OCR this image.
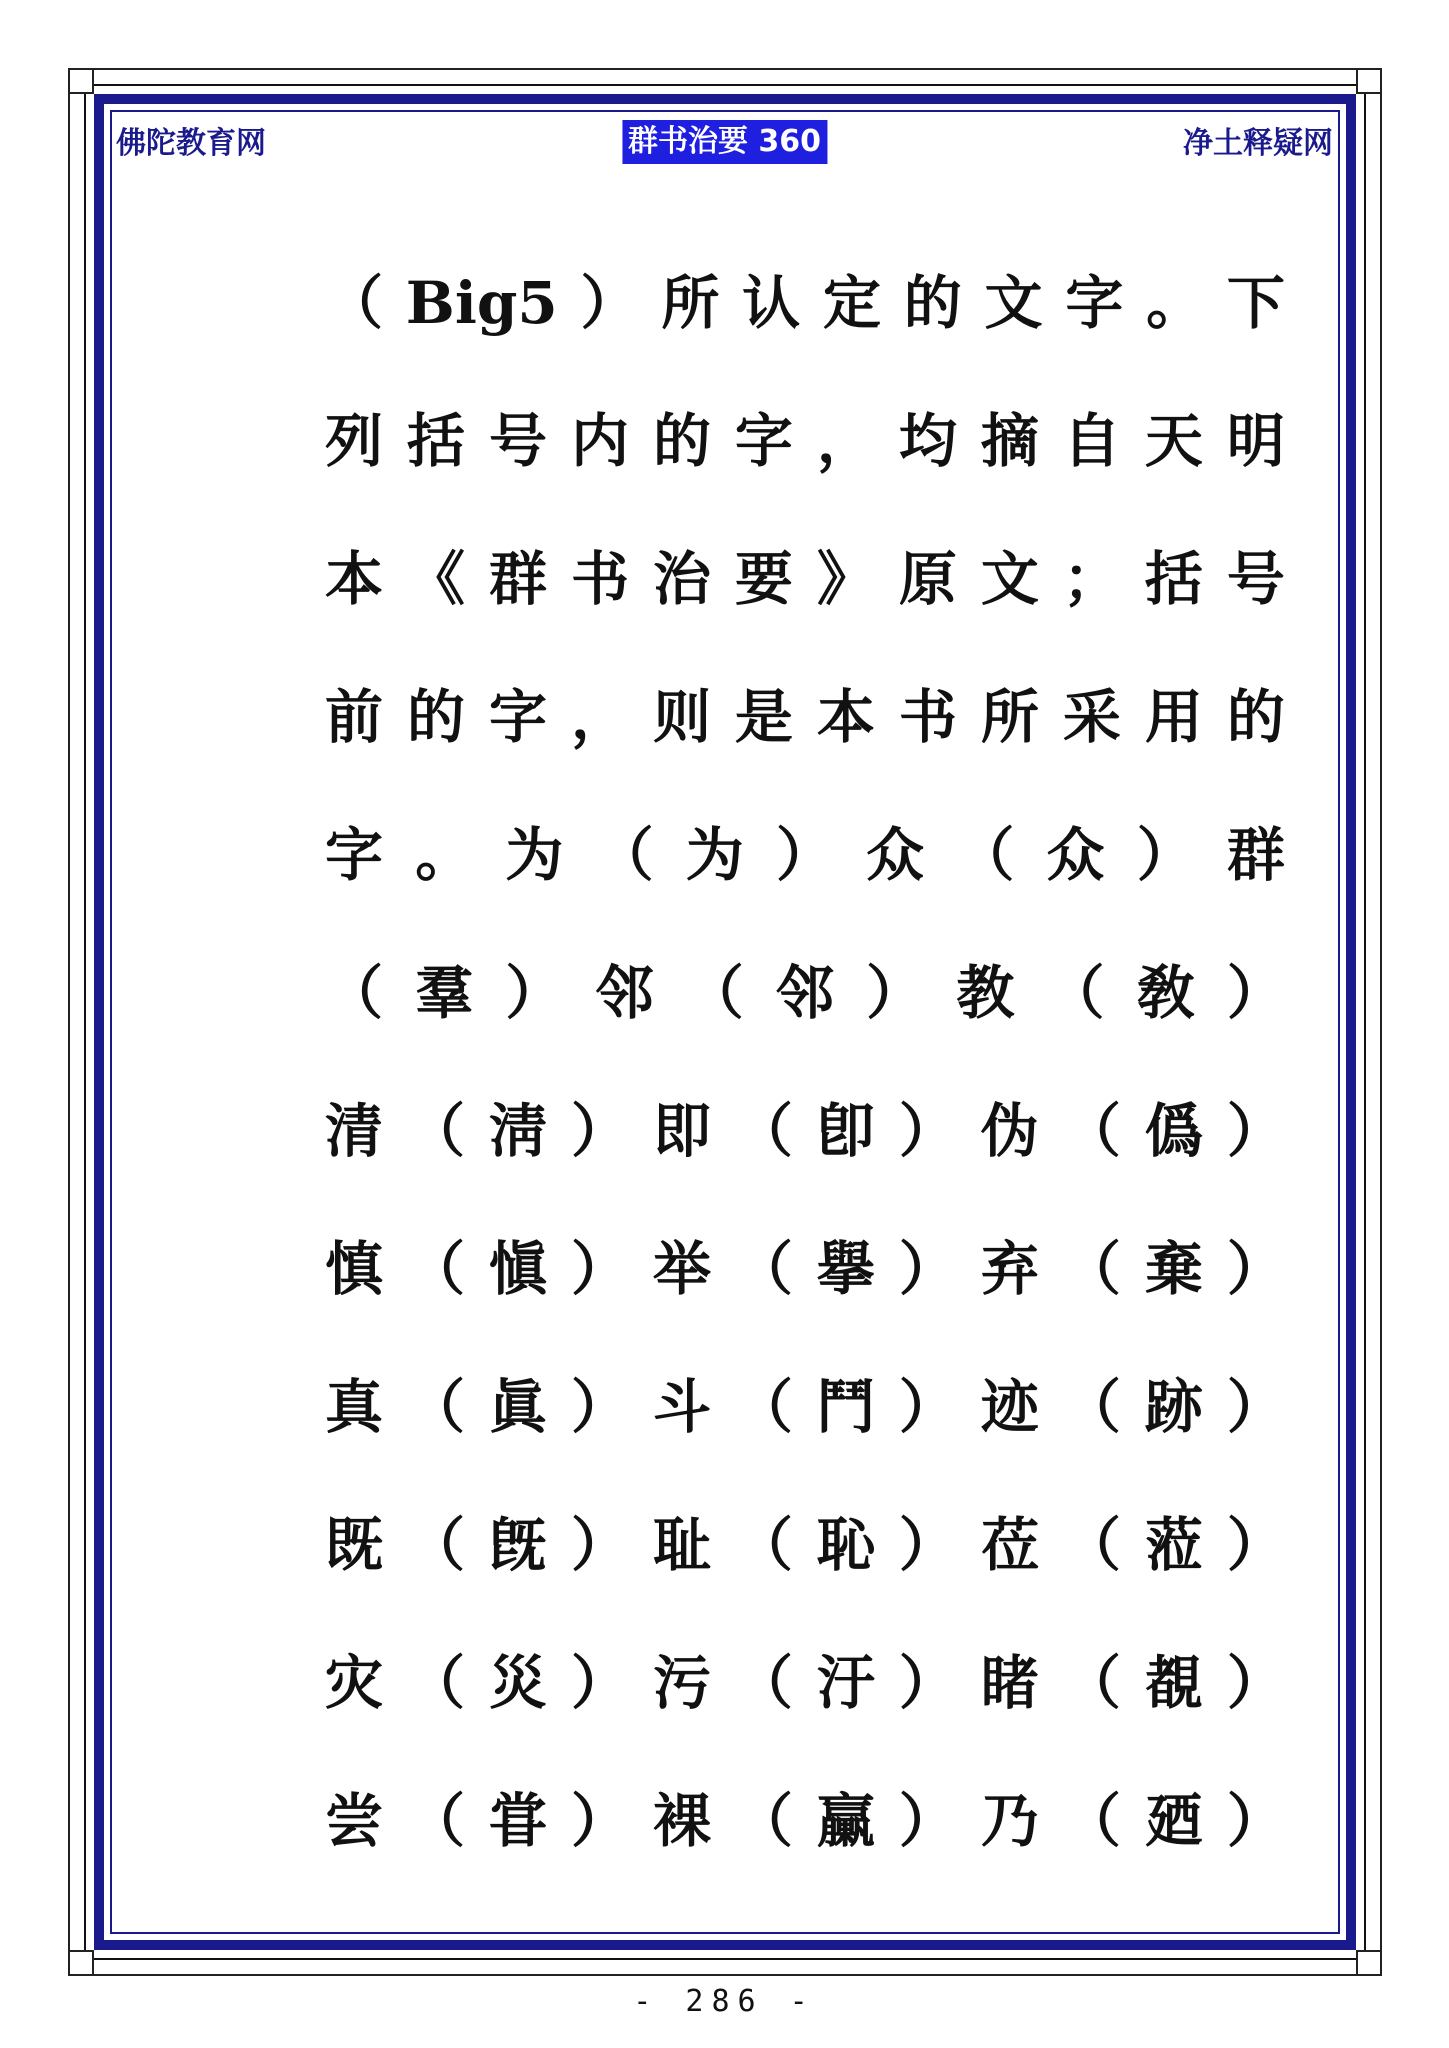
佛陀教育网	群书治要 360	净土释疑网
（ Big5 ） 所 认 定 的 文 字 。 下
列 括 号 内 的 字 ， 均 摘 自 天 明
本 《 群 书 治 要 》 原 文 ； 括 号
前 的 字 ， 则 是 本 书 所 采 用 的
字 。 为 （ 为 ） 众 （ 众 ） 群
（ 羣 ） 邻 （ 邻 ） 教 （ 敎 ）
清 （ 淸 ） 即 （ 卽 ） 伪 （ 僞 ）
慎 （ 愼 ） 举 （ 擧 ） 弃 （ 棄 ）
真 （ 眞 ） 斗 （ 鬥 ） 迹 （ 跡 ）
既 （ 旣 ） 耻 （ 恥 ） 莅 （ 蒞 ）
灾 （ 災 ） 污 （ 汙 ） 睹 （ 覩 ）
尝 （ 甞 ） 裸 （ 臝 ） 乃 （ 廼 ）
- 286 -
